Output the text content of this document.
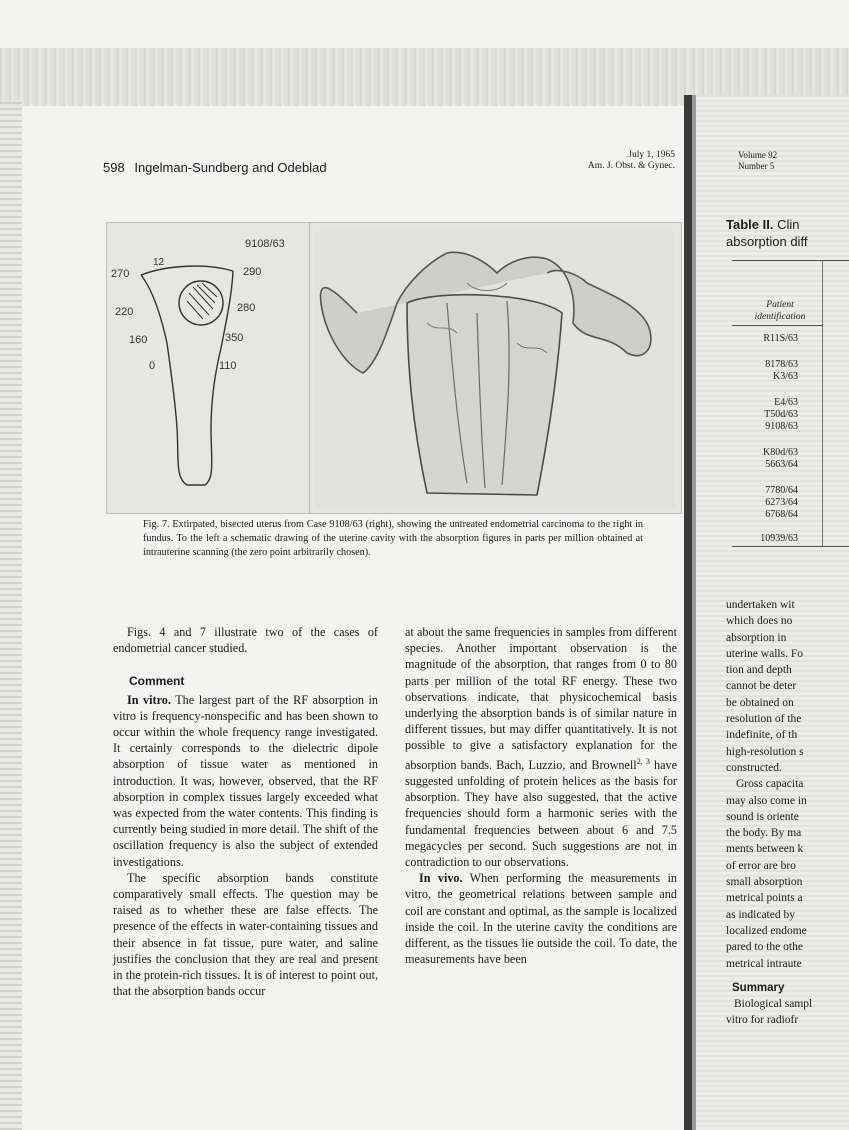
598 Ingelman-Sundberg and Odeblad
July 1, 1965
Am. J. Obst. & Gynec.
9108/63
270	290
220	280
160	350
0	110
12
Fig. 7. Extirpated, bisected uterus from Case 9108/63 (right), showing the untreated endometrial carcinoma to the right in fundus. To the left a schematic drawing of the uterine cavity with the absorption figures in parts per million obtained at intrauterine scanning (the zero point arbitrarily chosen).

Figs. 4 and 7 illustrate two of the cases of endometrial cancer studied.

Comment

In vitro. The largest part of the RF absorption in vitro is frequency-nonspecific and has been shown to occur within the whole frequency range investigated. It certainly corresponds to the dielectric dipole absorption of tissue water as mentioned in introduction. It was, however, observed, that the RF absorption in complex tissues largely exceeded what was expected from the water contents. This finding is currently being studied in more detail. The shift of the oscillation frequency is also the subject of extended investigations.

The specific absorption bands constitute comparatively small effects. The question may be raised as to whether these are false effects. The presence of the effects in water-containing tissues and their absence in fat tissue, pure water, and saline justifies the conclusion that they are real and present in the protein-rich tissues. It is of interest to point out, that the absorption bands occur

at about the same frequencies in samples from different species. Another important observation is the magnitude of the absorption, that ranges from 0 to 80 parts per million of the total RF energy. These two observations indicate, that physicochemical basis underlying the absorption bands is of similar nature in different tissues, but may differ quantitatively. It is not possible to give a satisfactory explanation for the absorption bands. Bach, Luzzio, and Brownell$^{2, 3}$ have suggested unfolding of protein helices as the basis for absorption. They have also suggested, that the active frequencies should form a harmonic series with the fundamental frequencies between about 6 and 7.5 megacycles per second. Such suggestions are not in contradiction to our observations.

In vivo. When performing the measurements in vitro, the geometrical relations between sample and coil are constant and optimal, as the sample is localized inside the coil. In the uterine cavity the conditions are different, as the tissues lie outside the coil. To date, the measurements have been

Volume 92
Number 5
Table II. Clin
absorption diff
Patient
identification
R11S/63
8178/63
K3/63
E4/63
T50d/63
9108/63
K80d/63
5663/64
7780/64
6273/64
6768/64
10939/63
undertaken wit
which does no
absorption in
uterine walls. Fo
tion and depth
cannot be deter
be obtained on
resolution of the
indefinite, of th
high-resolution s
constructed.
Gross capacita
may also come in
sound is oriente
the body. By ma
ments between k
of error are bro
small absorption
metrical points a
as indicated by
localized endome
pared to the othe
metrical intraute
Summary
Biological sampl
vitro for radiofr
